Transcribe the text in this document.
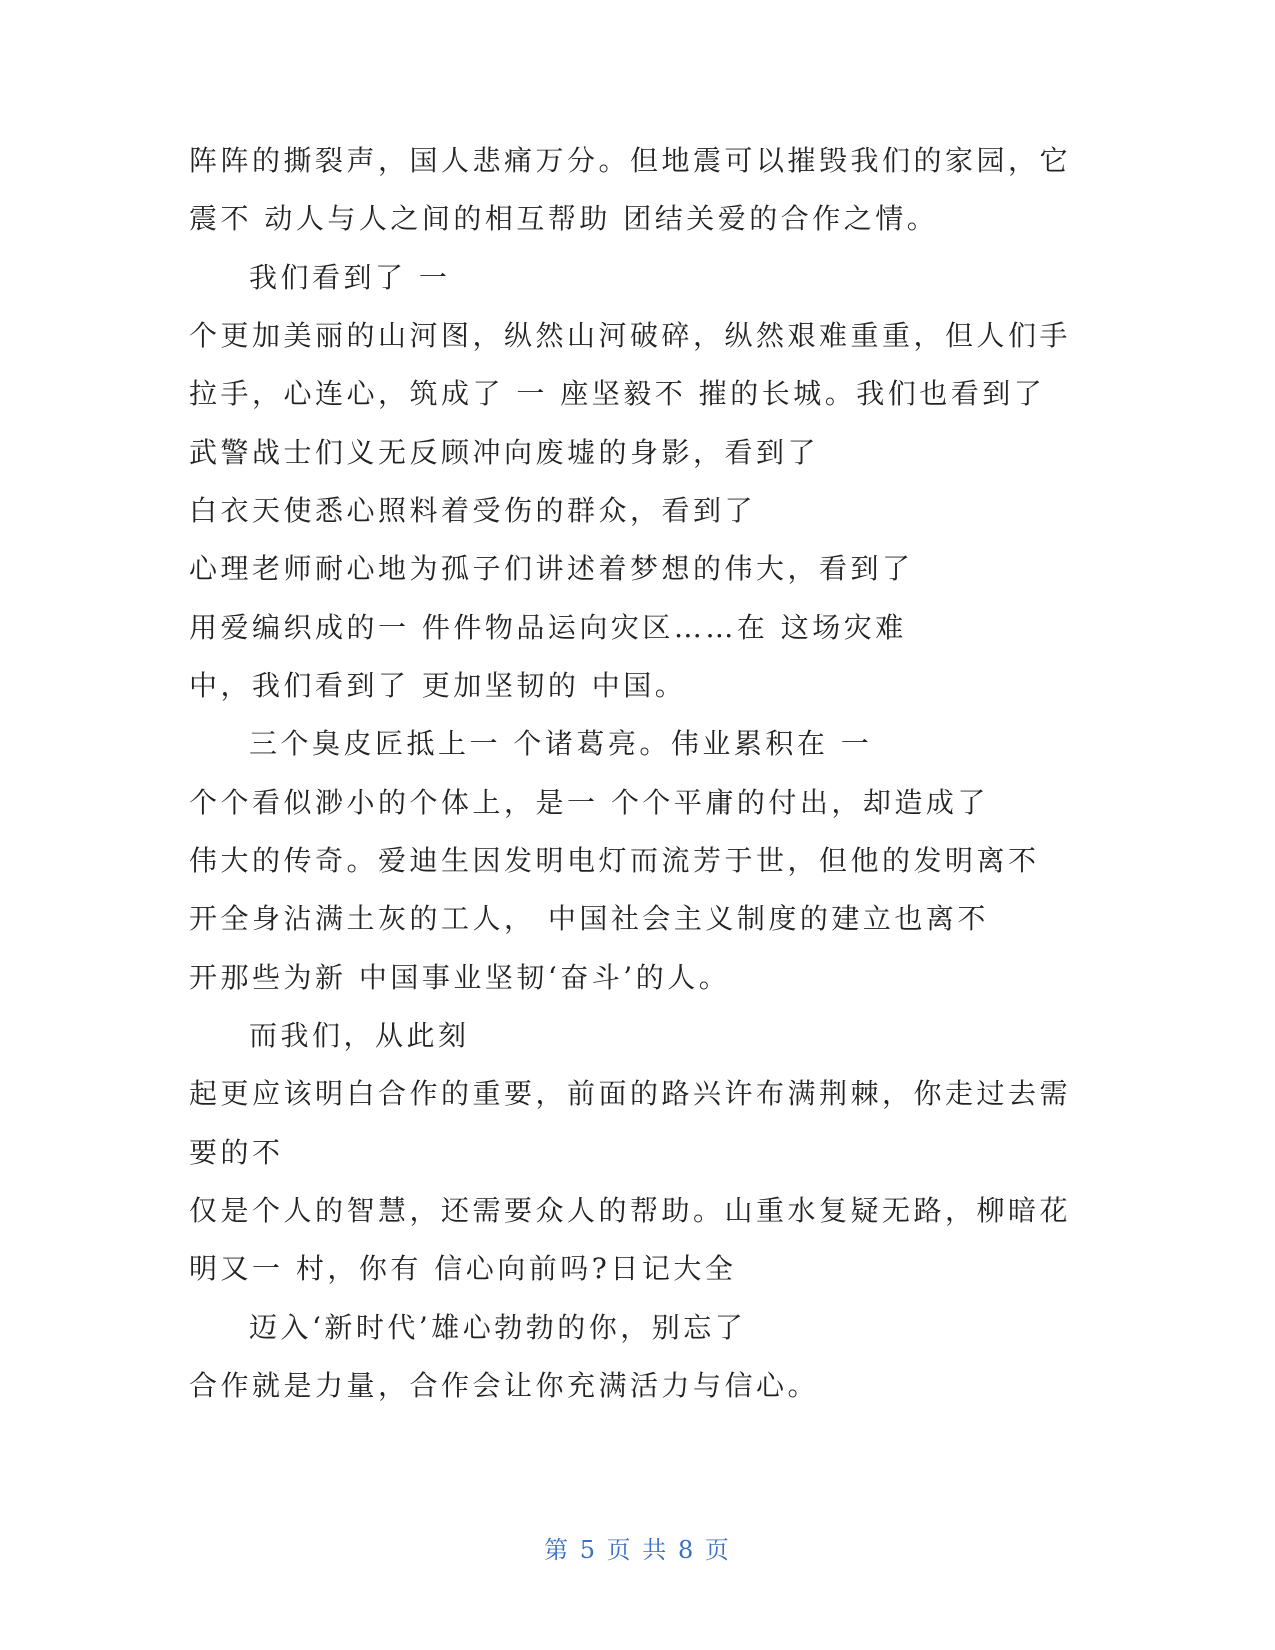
阵阵的撕裂声，国人悲痛万分。但地震可以摧毁我们的家园，它
震不 动人与人之间的相互帮助 团结关爱的合作之情。
我们看到了 一
个更加美丽的山河图，纵然山河破碎，纵然艰难重重，但人们手
拉手，心连心，筑成了 一 座坚毅不 摧的长城。我们也看到了
武警战士们义无反顾冲向废墟的身影，看到了
白衣天使悉心照料着受伤的群众，看到了
心理老师耐心地为孤子们讲述着梦想的伟大，看到了
用爱编织成的一 件件物品运向灾区……在 这场灾难
中，我们看到了 更加坚韧的 中国。
三个臭皮匠抵上一 个诸葛亮。伟业累积在 一
个个看似渺小的个体上，是一 个个平庸的付出，却造成了
伟大的传奇。爱迪生因发明电灯而流芳于世，但他的发明离不
开全身沾满土灰的工人， 中国社会主义制度的建立也离不
开那些为新 中国事业坚韧‘奋斗’的人。
而我们，从此刻
起更应该明白合作的重要，前面的路兴许布满荆棘，你走过去需
要的不
仅是个人的智慧，还需要众人的帮助。山重水复疑无路，柳暗花
明又一 村，你有 信心向前吗?日记大全
迈入‘新时代’雄心勃勃的你，别忘了
合作就是力量，合作会让你充满活力与信心。
第 5 页 共 8 页
